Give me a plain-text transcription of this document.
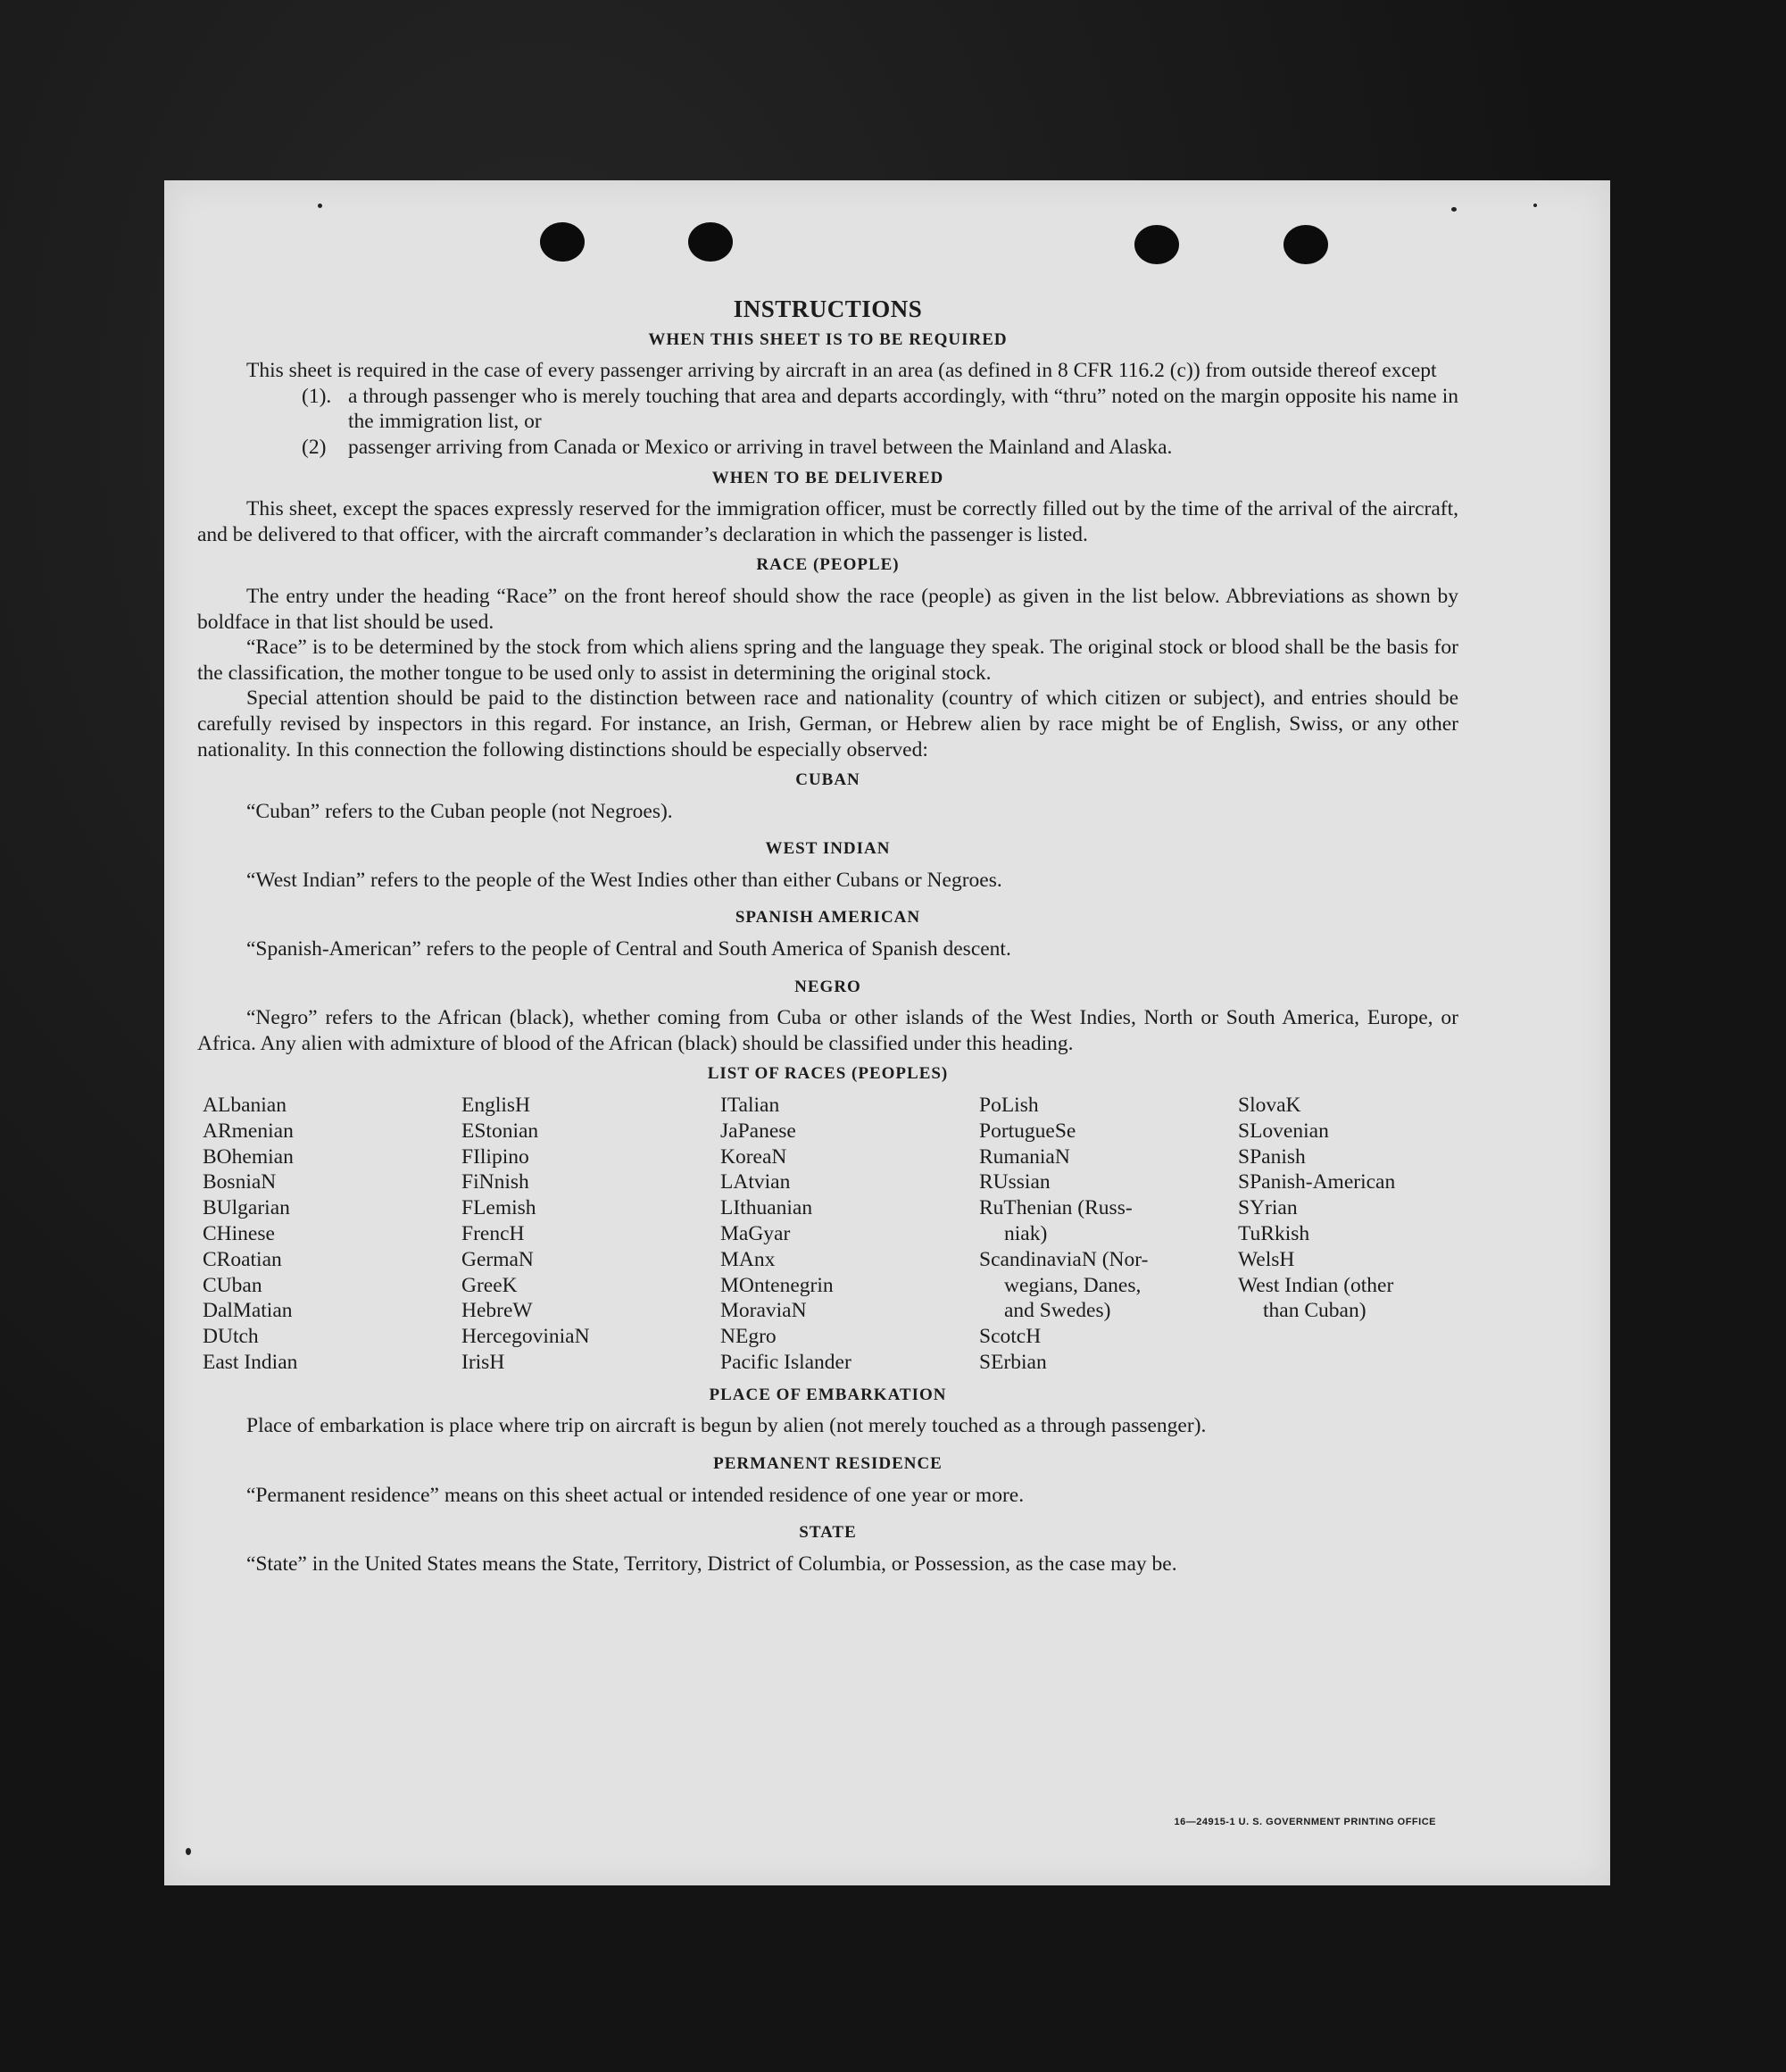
INSTRUCTIONS
WHEN THIS SHEET IS TO BE REQUIRED

This sheet is required in the case of every passenger arriving by aircraft in an area (as defined in 8 CFR 116.2 (c)) from outside thereof except

(1). a through passenger who is merely touching that area and departs accordingly, with “thru” noted on the margin opposite his name in the immigration list, or
(2)	passenger arriving from Canada or Mexico or arriving in travel between the Mainland and Alaska.
WHEN TO BE DELIVERED

This sheet, except the spaces expressly reserved for the immigration officer, must be correctly filled out by the time of the arrival of the aircraft, and be delivered to that officer, with the aircraft commander’s declaration in which the passenger is listed.

RACE (PEOPLE)

The entry under the heading “Race” on the front hereof should show the race (people) as given in the list below. Abbreviations as shown by boldface in that list should be used.

“Race” is to be determined by the stock from which aliens spring and the language they speak. The original stock or blood shall be the basis for the classification, the mother tongue to be used only to assist in determining the original stock.

Special attention should be paid to the distinction between race and nationality (country of which citizen or subject), and entries should be carefully revised by inspectors in this regard. For instance, an Irish, German, or Hebrew alien by race might be of English, Swiss, or any other nationality. In this connection the following distinctions should be especially observed:

CUBAN

“Cuban” refers to the Cuban people (not Negroes).

WEST INDIAN

“West Indian” refers to the people of the West Indies other than either Cubans or Negroes.

SPANISH AMERICAN

“Spanish-American” refers to the people of Central and South America of Spanish descent.

NEGRO

“Negro” refers to the African (black), whether coming from Cuba or other islands of the West Indies, North or South America, Europe, or Africa. Any alien with admixture of blood of the African (black) should be classified under this heading.

LIST OF RACES (PEOPLES)
ALbanian
ARmenian
BOhemian
BosniaN
BUlgarian
CHinese
CRoatian
CUban
DalMatian
DUtch
East Indian
EnglisH
EStonian
FIlipino
FiNnish
FLemish
FrencH
GermaN
GreeK
HebreW
HercegoviniaN
IrisH
ITalian
JaPanese
KoreaN
LAtvian
LIthuanian
MaGyar
MAnx
MOntenegrin
MoraviaN
NEgro
Pacific Islander
PoLish
PortugueSe
RumaniaN
RUssian
RuThenian (Russ-
niak)
ScandinaviaN (Nor-
wegians, Danes,
and Swedes)
ScotcH
SErbian
SlovaK
SLovenian
SPanish
SPanish-American
SYrian
TuRkish
WelsH
West Indian (other
than Cuban)
PLACE OF EMBARKATION

Place of embarkation is place where trip on aircraft is begun by alien (not merely touched as a through passenger).

PERMANENT RESIDENCE

“Permanent residence” means on this sheet actual or intended residence of one year or more.

STATE

“State” in the United States means the State, Territory, District of Columbia, or Possession, as the case may be.

16—24915-1 U. S. GOVERNMENT PRINTING OFFICE
